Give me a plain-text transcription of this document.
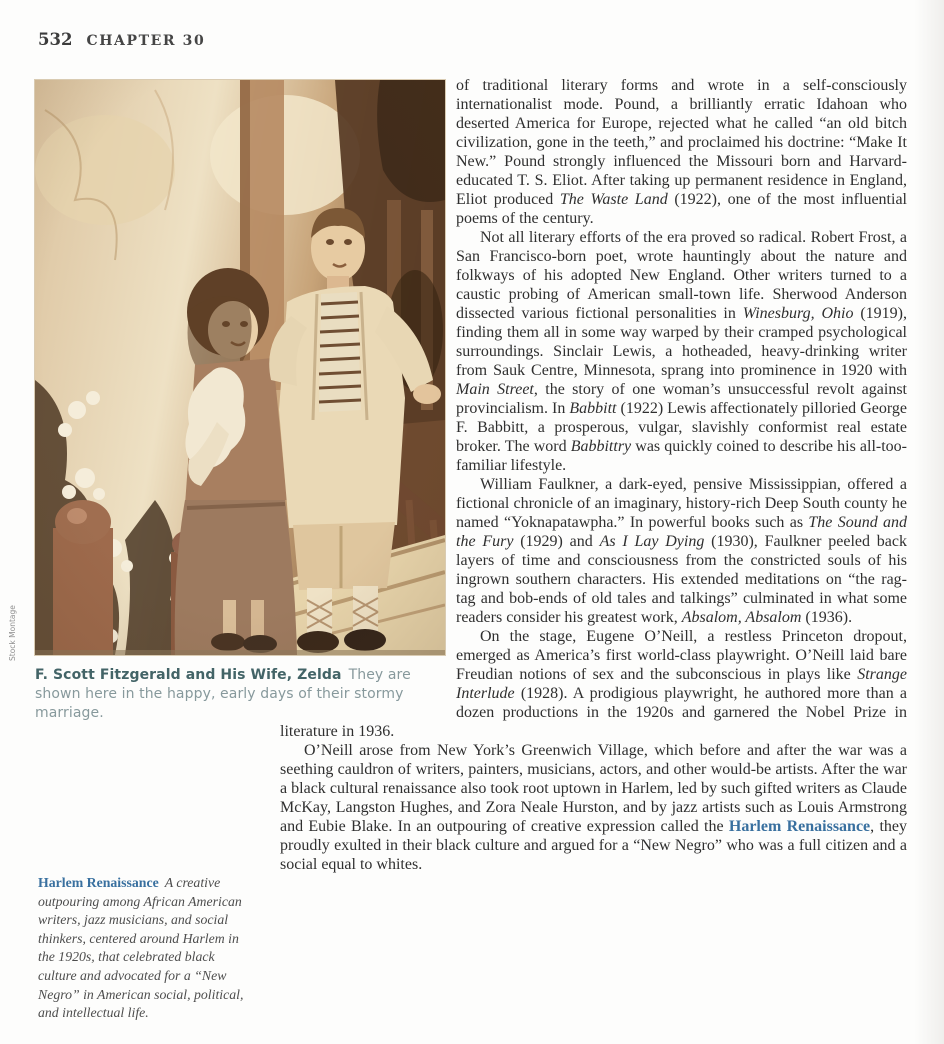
532 CHAPTER 30
Stock Montage
F. Scott Fitzgerald and His Wife, Zelda They are shown here in the happy, early days of their stormy marriage.

of traditional literary forms and wrote in a self-consciously internationalist mode. Pound, a brilliantly erratic Idahoan who deserted America for Europe, rejected what he called “an old bitch civilization, gone in the teeth,” and proclaimed his doctrine: “Make It New.” Pound strongly influenced the Missouri born and Harvard-educated T. S. Eliot. After taking up permanent residence in England, Eliot produced The Waste Land (1922), one of the most influential poems of the century.

Not all literary efforts of the era proved so radical. Robert Frost, a San Francisco-born poet, wrote hauntingly about the nature and folkways of his adopted New England. Other writers turned to a caustic probing of American small-town life. Sherwood Anderson dissected various fictional personalities in Winesburg, Ohio (1919), finding them all in some way warped by their cramped psychological surroundings. Sinclair Lewis, a hotheaded, heavy-drinking writer from Sauk Centre, Minnesota, sprang into prominence in 1920 with Main Street, the story of one woman’s unsuccessful revolt against provincialism. In Babbitt (1922) Lewis affectionately pilloried George F. Babbitt, a prosperous, vulgar, slavishly conformist real estate broker. The word Babbittry was quickly coined to describe his all-too-familiar lifestyle.

William Faulkner, a dark-eyed, pensive Mississippian, offered a fictional chronicle of an imaginary, history-rich Deep South county he named “Yoknapatawpha.” In powerful books such as The Sound and the Fury (1929) and As I Lay Dying (1930), Faulkner peeled back layers of time and consciousness from the constricted souls of his ingrown southern characters. His extended meditations on “the rag-tag and bob-ends of old tales and talkings” culminated in what some readers consider his greatest work, Absalom, Absalom (1936).

On the stage, Eugene O’Neill, a restless Princeton dropout, emerged as America’s first world-class playwright. O’Neill laid bare Freudian notions of sex and the subconscious in plays like Strange Interlude (1928). A prodigious playwright, he authored more than a dozen productions in the 1920s and garnered the Nobel Prize in literature in 1936.

O’Neill arose from New York’s Greenwich Village, which before and after the war was a seething cauldron of writers, painters, musicians, actors, and other would-be artists. After the war a black cultural renaissance also took root uptown in Harlem, led by such gifted writers as Claude McKay, Langston Hughes, and Zora Neale Hurston, and by jazz artists such as Louis Armstrong and Eubie Blake. In an outpouring of creative expression called the Harlem Renaissance, they proudly exulted in their black culture and argued for a “New Negro” who was a full citizen and a social equal to whites.

Harlem Renaissance A creative outpouring among African American writers, jazz musicians, and social thinkers, centered around Harlem in the 1920s, that celebrated black culture and advocated for a “New Negro” in American social, political, and intellectual life.
